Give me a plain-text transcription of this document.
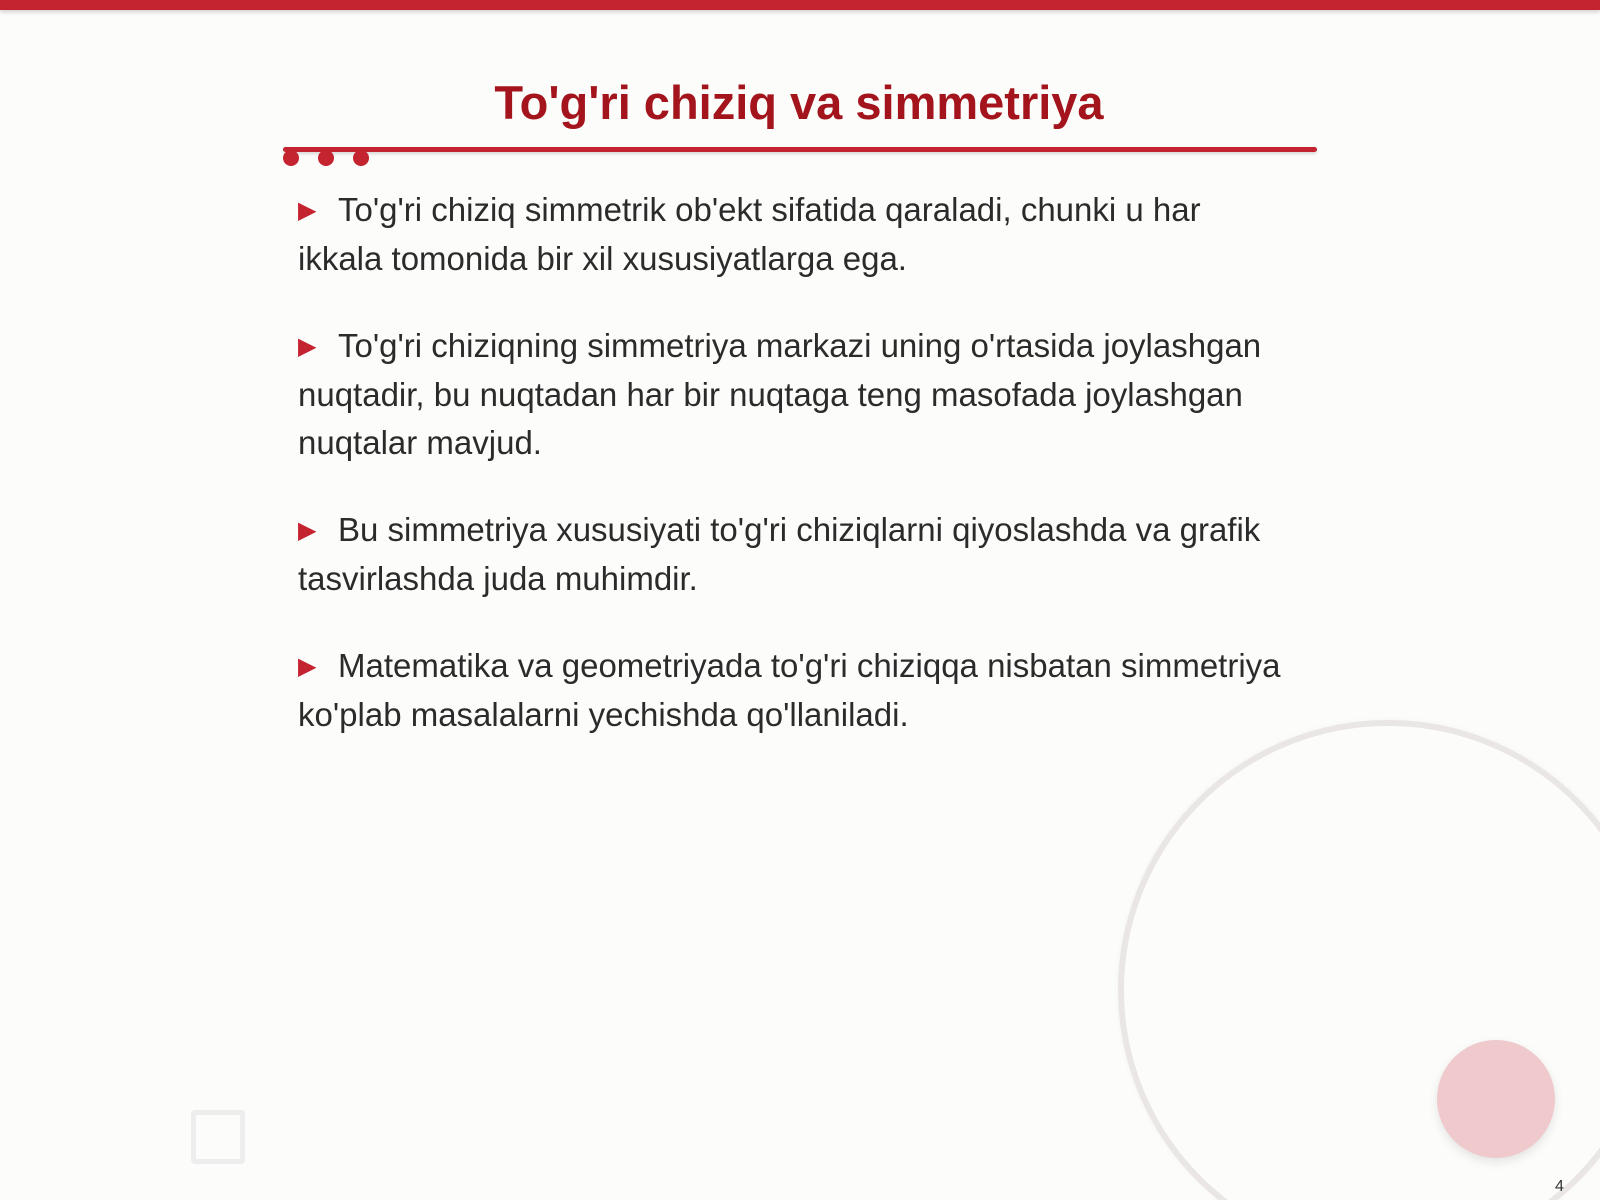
To'g'ri chiziq va simmetriya
▶ To'g'ri chiziq simmetrik ob'ekt sifatida qaraladi, chunki u har ikkala tomonida bir xil xususiyatlarga ega.
▶ To'g'ri chiziqning simmetriya markazi uning o'rtasida joylashgan nuqtadir, bu nuqtadan har bir nuqtaga teng masofada joylashgan nuqtalar mavjud.
▶ Bu simmetriya xususiyati to'g'ri chiziqlarni qiyoslashda va grafik tasvirlashda juda muhimdir.
▶ Matematika va geometriyada to'g'ri chiziqqa nisbatan simmetriya ko'plab masalalarni yechishda qo'llaniladi.
4
